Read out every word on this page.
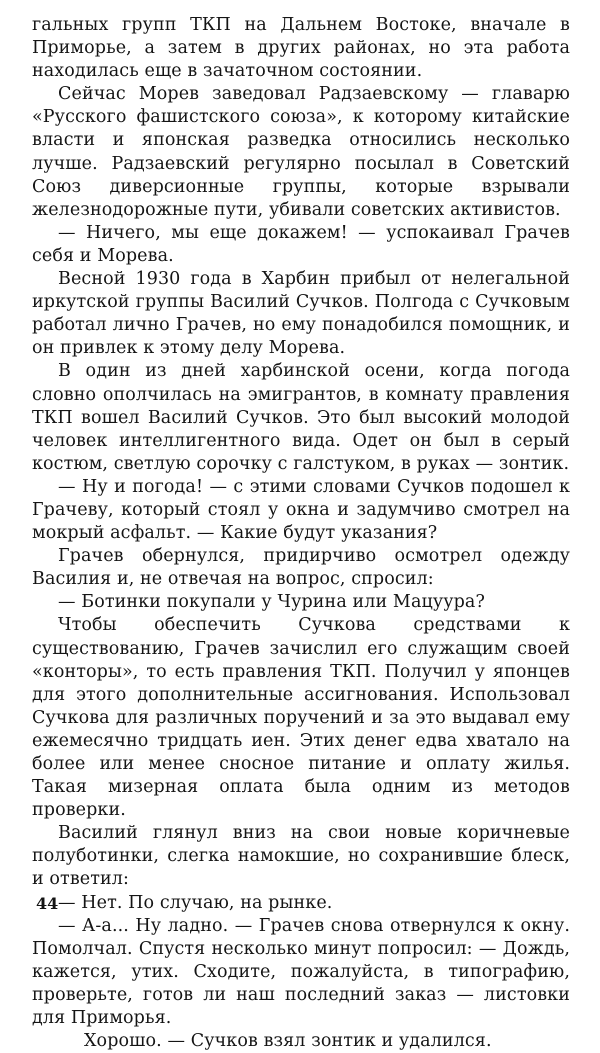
гальных групп ТКП на Дальнем Востоке, вначале в Приморье, а затем в других районах, но эта работа находилась еще в зачаточном состоянии.

Сейчас Морев заведовал Радзаевскому — главарю «Русского фашистского союза», к которому китайские власти и японская разведка относились несколько лучше. Радзаевский регулярно посылал в Советский Союз диверсионные группы, которые взрывали железнодорожные пути, убивали советских активистов.

— Ничего, мы еще докажем! — успокаивал Грачев себя и Морева.

Весной 1930 года в Харбин прибыл от нелегальной иркутской группы Василий Сучков. Полгода с Сучковым работал лично Грачев, но ему понадобился помощник, и он привлек к этому делу Морева.

В один из дней харбинской осени, когда погода словно ополчилась на эмигрантов, в комнату правления ТКП вошел Василий Сучков. Это был высокий молодой человек интеллигентного вида. Одет он был в серый костюм, светлую сорочку с галстуком, в руках — зонтик.

— Ну и погода! — с этими словами Сучков подошел к Грачеву, который стоял у окна и задумчиво смотрел на мокрый асфальт. — Какие будут указания?

Грачев обернулся, придирчиво осмотрел одежду Василия и, не отвечая на вопрос, спросил:

— Ботинки покупали у Чурина или Мацуура?

Чтобы обеспечить Сучкова средствами к существованию, Грачев зачислил его служащим своей «конторы», то есть правления ТКП. Получил у японцев для этого дополнительные ассигнования. Использовал Сучкова для различных поручений и за это выдавал ему ежемесячно тридцать иен. Этих денег едва хватало на более или менее сносное питание и оплату жилья. Такая мизерная оплата была одним из методов проверки.

Василий глянул вниз на свои новые коричневые полуботинки, слегка намокшие, но сохранившие блеск, и ответил:

— Нет. По случаю, на рынке.

— А-а... Ну ладно. — Грачев снова отвернулся к окну. Помолчал. Спустя несколько минут попросил: — Дождь, кажется, утих. Сходите, пожалуйста, в типографию, проверьте, готов ли наш последний заказ — листовки для Приморья.

Хорошо. — Сучков взял зонтик и удалился.

44
